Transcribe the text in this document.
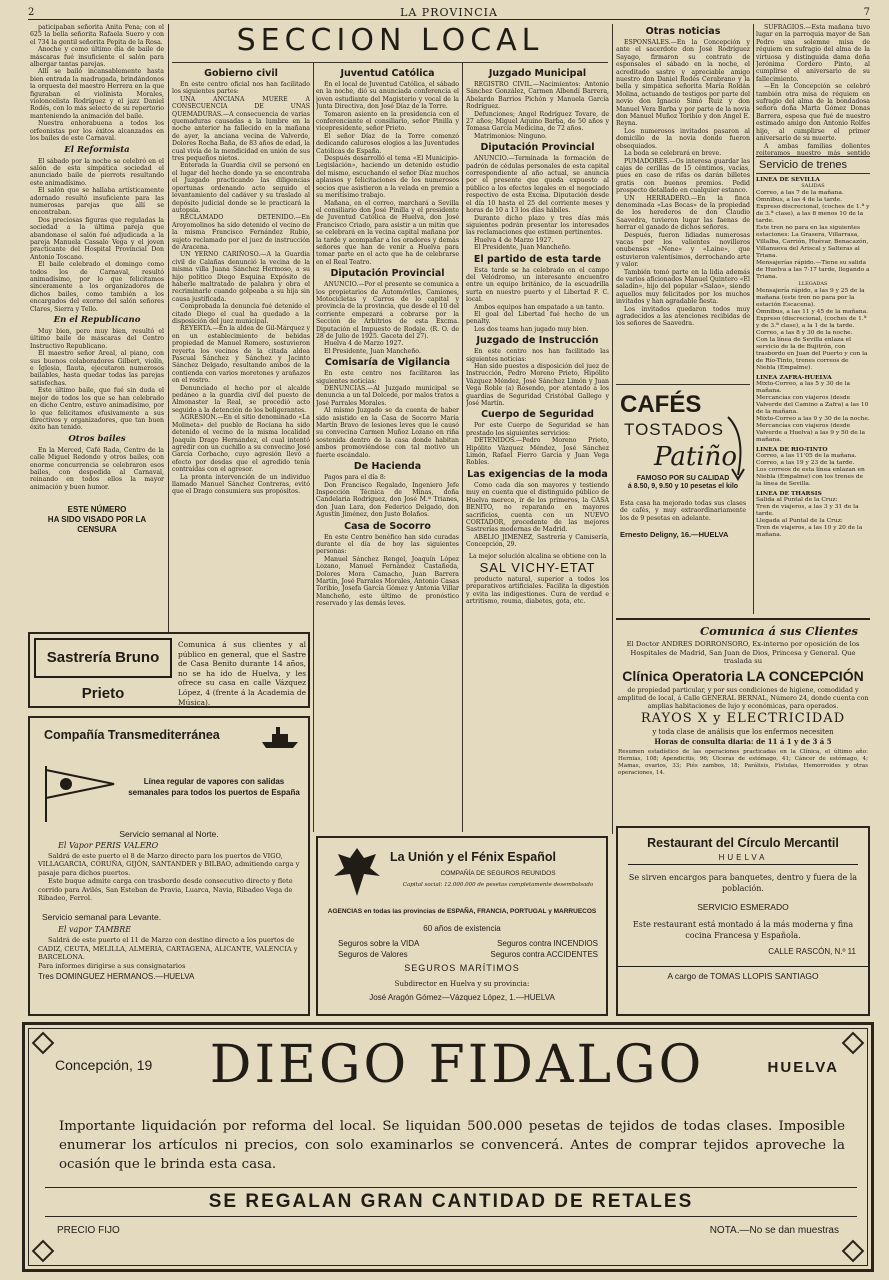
2	LA PROVINCIA	7

paticipaban señorita Anita Pena; con el 625 la bella señorita Rafaela Suero y con el 734 la gentil señorita Pepita de la Rosa.

Anoche y como último día de baile de máscaras fué insuficiente el salón para albergar tantas parejas.

Allí se bailó incansablemente hasta bien entrada la madrugada, brindándonos la orquesta del maestro Herrera en la que figuraban el violinista Morales, violoncelista Rodríguez y el jazz Daniel Rodés, con lo más selecto de su repertorio manteniendo la animación del baile.

Nuestra enhorabuena a todos los orfeonistas por los éxitos alcanzados en los bailes de este Carnaval.

El Reformista

El sábado por la noche se celebró en el salón de esta simpática sociedad el anunciado baile de pierrots resultando este animadísimo.

El salón que se hallaba artísticamente adornado resultó insuficiente para las numerosas parejas que allí se encontraban.

Dos preciosas figuras que reguladas la sociedad a la última pareja que abandonase el salón fué adjudicada a la pareja Manuela Cassalo Vega y el joven practicante del Hospital Provincial Don Antonio Toscano.

El baile celebrado el domingo como todos los de Carnaval, resultó animadísimo, por lo que felicitamos sinceramente a los organizadores de dichos bailes, como también a los encargados del exorno del salón señores Clares, Sierra y Tello.

En el Republicano

Muy bien, pero muy bien, resultó el último baile de máscaras del Centro Instructivo Republicano.

El maestro señor Areal, al piano, con sus buenos colaboradores Gilbert, violín, e Iglesia, flauta, ejecutaron numerosos bailables, hasta quedar todas las parejas satisfechas.

Este último baile, que fué sin duda el mejor de todos los que se han celebrado en dicho Centro, estuvo animadísimo, por lo que felicitamos efusivamente a sus directivos y organizadores, que tan buen éxito han tenido.

Otros bailes

En la Merced, Café Rada, Centro de la calle Miguel Redondo y otros bailes, con enorme concurrencia se celebraron esos bailes, con despedida al Carnaval, reinando en todos ellos la mayor animación y buen humor.

ESTE NÚMERO
HA SIDO VISADO POR LA CENSURA
SECCION LOCAL
Gobierno civil

En este centro oficial nos han facilitado los siguientes partes:

UNA ANCIANA MUERE A CONSECUENCIA DE UNAS QUEMADURAS.—A consecuencia de varias quemaduras causadas a la lumbre en la noche anterior ha fallecido en la mañana de ayer, la anciana vecina de Valverde, Dolores Rocha Baña, de 83 años de edad, la cual vivía de la mendicidad en unión de sus tres pequeños nietos.

Enterada la Guardia civil se personó en el lugar del hecho donde ya se encontraba el Juzgado practicando las diligencias oportunas ordenando acto seguido el levantamiento del cadáver y su traslado al depósito judicial donde se le practicará la autopsia.

RECLAMADO DETENIDO.—En Aroyomolinos ha sido detenido el vecino de la misma Francisco Fernández Rubio, sujeto reclamado por el juez de instrucción de Aracena.

UN YERNO CARIÑOSO.—A la Guardia civil de Calañas denunció la vecina de la misma villa Juana Sánchez Hermoso, a su hijo político Diego Esquina Expósito de haberle maltratado de palabra y obra el recriminarle cuando golpeaba a su hija sin causa justificada.

Comprobada la denuncia fué detenido el citado Diego el cual ha quedado a la disposición del juez municipal.

REYERTA.—En la aldea de Gil-Márquez y en un establecimiento de bebidas propiedad de Manuel Romero, sostuvieron reyerta los vecinos de la citada aldea Pascual Sánchez y Sánchez y Jacinto Sánchez Delgado, resultando ambos de la contienda con varios moretones y arañazos en el rostro.

Denunciado el hecho por el alcalde pedáneo a la guardia civil del puesto de Almonaster la Real, se procedió acto seguido a la detención de los beligerantes.

AGRESION.—En el sitio denominado «La Molineta» del pueblo de Rociana ha sido detenido el vecino de la misma localidad Joaquín Drago Hernández, el cual intentó agredir con un cuchillo a su convecino José García Corbacho, cuyo agresión llevó a efecto por desdas que el agredido tenía contraídas con el agresor.

La pronta intervención de un individuo llamado Manuel Sánchez Contreras, evitó que el Drago consumiera sus propósitos.

Juventud Católica

En el local de Juventud Católica, el sábado en la noche, dió su anunciada conferencia el joven estudiante del Magisterio y vocal de la Junta Directiva, don José Díaz de la Torre.

Tomaron asiento en la presidencia con el conferenciante el consiliario, señor Pinilla y vicepresidente, señor Prieto.

El señor Díaz de la Torre comenzó dedicando calurosos elogios a las Juventudes Católicas de España.

Después desarrolló el tema «El Municipio-Legislación», haciendo un detenido estudio del mismo, escuchando el señor Díaz muchos aplausos y felicitaciones de los numerosos socios que asistieron a la velada en premio a su meritísimo trabajo.

Mañana, en el correo, marchará a Sevilla el consiliario don José Pinilla y el presidente de Juventud Católica de Huelva, don José Francisco Criado, para asistir a un mitin que se celebrará en la vecina capital mañana por la tarde y acompañar a los oradores y demás señores que han de venir a Huelva para tomar parte en el acto que ha de celebrarse en el Real Teatro.

Diputación Provincial

ANUNCIO.—Por el presente se comunica a los propietarios de Automóviles, Camiones, Motocicletas y Carros de lo capital y provincia de la provincia, que desde el 10 del corriente empezará a cobrarse por la Sección de Arbitrios de esta Excma. Diputación el Impuesto de Rodaje. (R. O. de 28 de Julio de 1925. Gaceta del 27).

Huelva 4 de Marzo 1927.

El Presidente, Juan Mancheño.

Comisaría de Vigilancia

En este centro nos facilitaron las siguientes noticias:

DENUNCIAS.—Al Juzgado municipal se denuncia a un tal Dolcede, por malos tratos a José Parrales Morales.

Al mismo Juzgado se da cuenta de haber sido asistido en la Casa de Socorro María Martín Bravo de lesiones leves que le causó su convecina Carmen Muñoz Lozano en riña sostenida dentro de la casa donde habitan ambos promoviéndose con tal motivo un fuerte escándalo.

De Hacienda

Pagos para el día 8:

Don Francisco Regalado, Ingeniero Jefe Inspección Técnica de Minas, doña Candelaria Rodríguez, don José M.ª Trianes, don Juan Lara, don Federico Delgado, don Agustín Jiménez, don Justo Bolaños.

Casa de Socorro

En este Centro benéfico han sido curadas durante el día de hoy las siguientes personas:

Manuel Sánchez Rengel, Joaquín López Lozano, Manuel Fernández Castañeda, Dolores Mora Camacho, Juan Barrera Martín, José Parrales Morales, Antonio Casas Toribio, Josefa García Gómez y Antonia Villar Mancheño, este último de pronóstico reservado y las demás leves.

Juzgado Municipal

REGISTRO CIVIL.—Nacimientos: Antonio Sánchez González, Carmen Albendí Barrera, Abelardo Barrios Pichón y Manuela García Rodríguez.

Defunciones; Angel Rodríguez Tovare, de 27 años; Miguel Aquino Barba, de 50 años y Tomasa García Medicina, de 72 años.

Matrimonios: Ninguno.

Diputación Provincial

ANUNCIO.—Terminada la formación de padrón de cédulas personales de esta capital correspondiente al año actual, se anuncia por el presente que queda expuesto al público a los efectos legales en el negociado respectivo de esta Excma. Diputación desde el día 10 hasta el 25 del corriente meses y horas de 10 a 13 los días hábiles.

Durante dicho plazo y tres días más siguientes podrán presentar los interesados las reclamaciones que estimen pertinentes.

Huelva 4 de Marzo 1927.

El Presidente, Juan Mancheño.

El partido de esta tarde

Esta tarde se ha celebrado en el campo del Velódromo, un interesante encuentro entre un equipo británico, de la escuadrilla surta en nuestro puerto y el Libertad F. C. local.

Ambos equipos han empatado a un tanto.

El goal del Libertad fué hecho de un penalty.

Los dos teams han jugado muy bien.

Juzgado de Instrucción

En este centro nos han facilitado las siguientes noticias:

Han sido puestos a disposición del juez de Instrucción, Pedro Moreno Prieto, Hipólito Vázquez Méndez, José Sánchez Limón y Juan Vega Roble (a) Rosendo, por atentado a los guardias de Seguridad Cristóbal Gallego y José Martín.

Cuerpo de Seguridad

Por este Cuerpo de Seguridad se han prestado los siguientes servicios:

DETENIDOS.—Pedro Moreno Prieto, Hipólito Vázquez Méndez, José Sánchez Limón, Rafael Fierro García y Juan Vega Robles.

Las exigencias de la moda

Como cada día son mayores y testiendo muy en cuenta que el distinguido público de Huelva merece, ir de los primeros, la CASA BENITO, no reparando en mayores sacrificios, cuenta con un NUEVO CORTADOR, procedente de las mejores Sastrerías modernas de Madrid.

ABELIO JIMENEZ, Sastrería y Camisería, Concepción, 29.

La mejor solución alcalina se obtiene con la

SAL VICHY-ETAT

producto natural, superior a todos los preparativos artificiales. Facilita la digestión y evita las indigestiones. Cura de verdad e artritismo, reuma, diabetes, gota, etc.

Otras noticias

ESPONSALES.—En la Concepción y ante el sacerdote don José Rodríguez Sayago, firmaron su contrato de esponsales el sábado en la noche, el acreditado sastre y apreciable amigo nuestro don Daniel Rodés Cerabrano y la bella y simpática señorita María Roldán Molina, actuando de testigos por parte del novio don Ignacio Simó Ruiz y don Manuel Vera Barba y por parte de la novia don Manuel Muñoz Toribio y don Angel E. Reyna.

Los numerosos invitados pasaron al domicilio de la novia donde fueron obsequiados.

La boda se celebrará en breve.

PUMADORES.—Os interesa guardar las cajas de cerillas de 15 céntimos, vacías, pues en caso de rifas os darán billetes gratis con buenos premios. Pedid prospecto detallado en cualquier estanco.

UN HERRADERO.—En la finca denominada «Las Bocas» de la propiedad de los herederos de don Claudio Saavedra, tuvieron lugar las faenas de herrar el ganado de dichos señores.

Después, fueron lidiadas numerosas vacas por los valientes novilleros onubenses «Nene» y «Laine», que estuvieron valentísimos, derrochando arte y valor.

También tomó parte en la lidia además de varios aficionados Manuel Quintero «El saladín», hijo del popular «Salao», siendo aquellos muy felicitados por los muchos invitados y han agradable fiesta.

Los invitados quedaron todos muy agradecidos a las atenciones recibidas de los señores de Saavedra.

SUFRAGIOS.—Esta mañana tuvo lugar en la parroquia mayor de San Pedro una solemne misa de réquiem en sufragio del alma de la virtuosa y distinguida dama doña Jerónima Cordero Pinto, al cumplirse el aniversario de su fallecimiento.

—En la Concepción se celebró también otra misa de réquiem en sufragio del alma de la bondadosa señora doña Marta Gómez Donas Barrera, espesa que fué de nuestro estimado amigo don Antonio Rolfes hijo, al cumplirse el primer aniversario de su muerte.

A ambas familias dolientes reiteramos nuestro más sentido

CAFÉS
TOSTADOS
Patiño
FAMOSO POR SU CALIDAD
á 8.50, 9, 9.50 y 10 pesetas el kilo
Esta casa ha mejorado todas sus clases de cafés, y muy extraordinariamente los de 9 pesetas en adelante.
Ernesto Deligny, 16.—HUELVA
Servicio de trenes
LINEA DE SEVILLA
SALIDAS
Correo, a las 7 de la mañana.
Ómnibus, a las 4 de la tarde.
Expreso discrecional, (coches de 1.ª y de 3.ª clase), a las 8 menos 10 de la tarde.
Este tren no para en las siguientes estaciones: La Grasera, Villarrasa, Villalba, Carrión, Huévar, Benacazón, Villanueva del Ariscal y Salteras al Triana.
Mensajerías rápido.—Tiene su salida de Huelva a las 7·17 tarde, llegando a Triana.
LLEGADAS
Mensajería rápido, a las 9 y 25 de la mañana (este tren no para por la estación Escacena).
Ómnibus, a las 11 y 45 de la mañana.
Expreso (discrecional, (coches de 1.ª y de 3.ª clase), a la 1 de la tarde.
Correo, a las 8 y 30 de la noche.
Con la línea de Sevilla enlaza el servicio de la de Bujitrón, con trasbordo en Juan del Puerto y con la de Río-Tinto, trenes correos de Niebla (Empalme).
LINEA ZAFRA-HUELVA
Mixto-Correo, a las 5 y 30 de la mañana.
Mercancías con viajeros (desde Valverde del Camino a Zafra) a las 10 de la mañana.
Mixto-Correo a las 9 y 30 de la noche.
Mercancías con viajeros (desde Valverde a Huelva) a las 9 y 50 de la mañana.
LINEA DE RIO-TINTO
Correo, a las 11'05 de la mañana.
Correo, a las 19 y 23 de la tarde.
Los correos de esta línea enlazan en Niebla (Empalme) con los trenes de la línea de Sevilla.
LINEA DE THARSIS
Salida al Puntal de la Cruz:
Tren de viajeros, a las 3 y 31 de la tarde.
Llegada al Puntal de la Cruz:
Tren de viajeros, a las 10 y 20 de la mañana.
Sastrería Bruno Prieto
Comunica á sus clientes y al público en general, que el Sastre de Casa Benito durante 14 años, no se ha ido de Huelva, y les ofrece su casa en calle Vázquez López, 4 (frente á la Academia de Música).
Compañía Transmediterránea
Línea regular de vapores con salidas semanales para todos los puertos de España
Servicio semanal al Norte.
El Vapor PERIS VALERO
Saldrá de este puerto el 8 de Marzo directo para los puertos de VIGO, VILLAGARCIA, CORUÑA, GIJÓN, SANTANDER y BILBAO, admitiendo carga y pasaje para dichos puertos.
Este buque admite carga con trasbordo desde consecutivo directo y flete corrido para Avilés, San Esteban de Pravia, Luarca, Navia, Ribadeo Vega de Ribadeo, Ferrol.
Servicio semanal para Levante.
El vapor TAMBRE
Saldrá de este puerto el 11 de Marzo con destino directo a los puertos de CADIZ, CEUTA, MELILLA, ALMERIA, CARTAGENA, ALICANTE, VALENCIA y BARCELONA.
Para informes dirigirse a sus consignatarios
Tres DOMINGUEZ HERMANOS.—HUELVA
La Unión y el Fénix Español
COMPAÑÍA DE SEGUROS REUNIDOS
Capital social: 12.000.000 de pesetas completamente desembolsado
AGENCIAS en todas las provincias de ESPAÑA, FRANCIA, PORTUGAL y MARRUECOS
60 años de existencia
Seguros sobre la VIDA	Seguros contra INCENDIOS
Seguros de Valores	Seguros contra ACCIDENTES
SEGUROS MARÍTIMOS
Subdirector en Huelva y su provincia:
José Aragón Gómez—Vázquez López, 1.—HUELVA
Comunica á sus Clientes
El Doctor ANDRES DORRONSORO, Ex-interno por oposición de los Hospitales de Madrid, San Juan de Dios, Princesa y General. Que traslada su
Clínica Operatoria LA CONCEPCIÓN
de propiedad particular, y por sus condiciones de higiene, comodidad y amplitud de local, á Calle GENERAL BERNAL, Número 24, donde cuenta con amplias habitaciones de lujo y económicas, para operados.
RAYOS X y ELECTRICIDAD
y toda clase de análisis que los enfermos necesiten
Horas de consulta diaria: de 11 á 1 y de 3 á 5
Resumen estadístico de las operaciones practicadas en la Clínica, el último año: Hernias, 108; Apendicitis, 96; Úlceras de estómago, 41; Cáncer de estómago, 4; Mamas, ovarios, 33; Piés zambos, 18; Parálisis, Fístulas, Hemorroides y otras operaciones, 14.
Restaurant del Círculo Mercantil
HUELVA
Se sirven encargos para banquetes, dentro y fuera de la población.
SERVICIO ESMERADO
Este restaurant está montado á la más moderna y fina cocina Francesa y Española.
CALLE RASCÓN, N.º 11
A cargo de TOMAS LLOPIS SANTIAGO
Concepción, 19	DIEGO FIDALGO	HUELVA
Importante liquidación por reforma del local. Se liquidan 500.000 pesetas de tejidos de todas clases. Imposible enumerar los artículos ni precios, con solo examinarlos se convencerá. Antes de comprar tejidos aproveche la ocasión que le brinda esta casa.
SE REGALAN GRAN CANTIDAD DE RETALES
PRECIO FIJO	NOTA.—No se dan muestras
